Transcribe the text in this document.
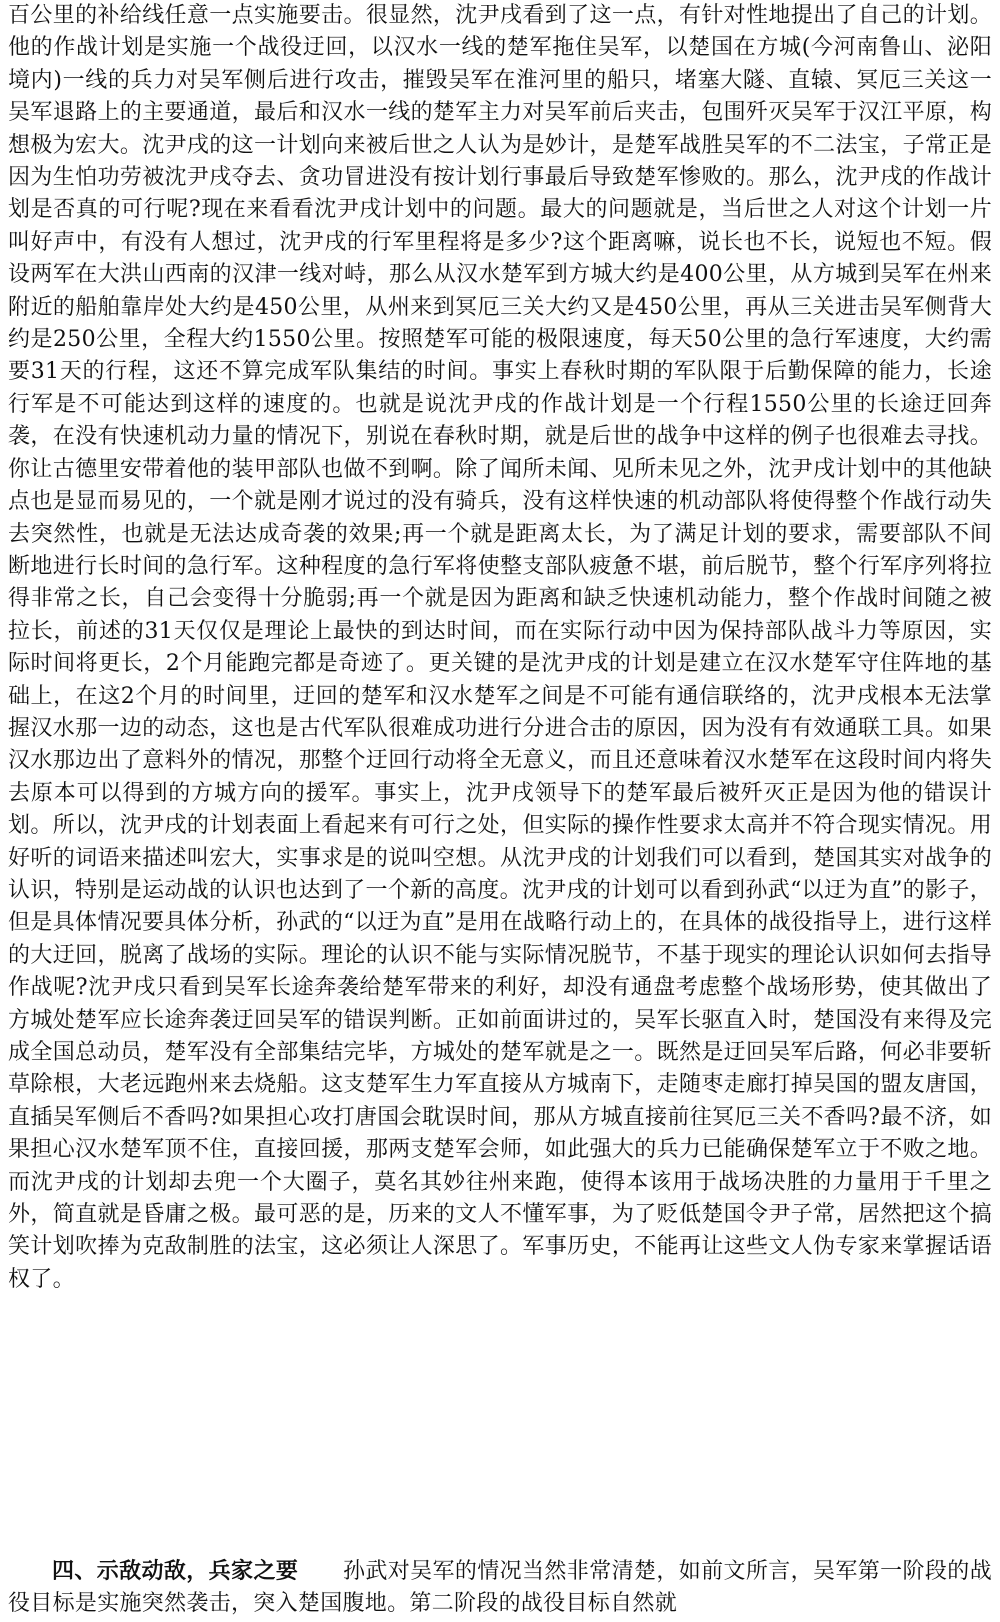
百公里的补给线任意一点实施要击。很显然，沈尹戌看到了这一点，有针对性地提出了自己的计划。他的作战计划是实施一个战役迂回，以汉水一线的楚军拖住吴军，以楚国在方城(今河南鲁山、泌阳境内)一线的兵力对吴军侧后进行攻击，摧毁吴军在淮河里的船只，堵塞大隧、直辕、冥厄三关这一吴军退路上的主要通道，最后和汉水一线的楚军主力对吴军前后夹击，包围歼灭吴军于汉江平原，构想极为宏大。沈尹戌的这一计划向来被后世之人认为是妙计，是楚军战胜吴军的不二法宝，子常正是因为生怕功劳被沈尹戌夺去、贪功冒进没有按计划行事最后导致楚军惨败的。那么，沈尹戌的作战计划是否真的可行呢?现在来看看沈尹戌计划中的问题。最大的问题就是，当后世之人对这个计划一片叫好声中，有没有人想过，沈尹戌的行军里程将是多少?这个距离嘛，说长也不长，说短也不短。假设两军在大洪山西南的汉津一线对峙，那么从汉水楚军到方城大约是400公里，从方城到吴军在州来附近的船舶靠岸处大约是450公里，从州来到冥厄三关大约又是450公里，再从三关进击吴军侧背大约是250公里，全程大约1550公里。按照楚军可能的极限速度，每天50公里的急行军速度，大约需要31天的行程，这还不算完成军队集结的时间。事实上春秋时期的军队限于后勤保障的能力，长途行军是不可能达到这样的速度的。也就是说沈尹戌的作战计划是一个行程1550公里的长途迂回奔袭，在没有快速机动力量的情况下，别说在春秋时期，就是后世的战争中这样的例子也很难去寻找。你让古德里安带着他的装甲部队也做不到啊。除了闻所未闻、见所未见之外，沈尹戌计划中的其他缺点也是显而易见的，一个就是刚才说过的没有骑兵，没有这样快速的机动部队将使得整个作战行动失去突然性，也就是无法达成奇袭的效果;再一个就是距离太长，为了满足计划的要求，需要部队不间断地进行长时间的急行军。这种程度的急行军将使整支部队疲惫不堪，前后脱节，整个行军序列将拉得非常之长，自己会变得十分脆弱;再一个就是因为距离和缺乏快速机动能力，整个作战时间随之被拉长，前述的31天仅仅是理论上最快的到达时间，而在实际行动中因为保持部队战斗力等原因，实际时间将更长，2个月能跑完都是奇迹了。更关键的是沈尹戌的计划是建立在汉水楚军守住阵地的基础上，在这2个月的时间里，迂回的楚军和汉水楚军之间是不可能有通信联络的，沈尹戌根本无法掌握汉水那一边的动态，这也是古代军队很难成功进行分进合击的原因，因为没有有效通联工具。如果汉水那边出了意料外的情况，那整个迂回行动将全无意义，而且还意味着汉水楚军在这段时间内将失去原本可以得到的方城方向的援军。事实上，沈尹戌领导下的楚军最后被歼灭正是因为他的错误计划。所以，沈尹戌的计划表面上看起来有可行之处，但实际的操作性要求太高并不符合现实情况。用好听的词语来描述叫宏大，实事求是的说叫空想。从沈尹戌的计划我们可以看到，楚国其实对战争的认识，特别是运动战的认识也达到了一个新的高度。沈尹戌的计划可以看到孙武“以迂为直”的影子，但是具体情况要具体分析，孙武的“以迂为直”是用在战略行动上的，在具体的战役指导上，进行这样的大迂回，脱离了战场的实际。理论的认识不能与实际情况脱节，不基于现实的理论认识如何去指导作战呢?沈尹戌只看到吴军长途奔袭给楚军带来的利好，却没有通盘考虑整个战场形势，使其做出了方城处楚军应长途奔袭迂回吴军的错误判断。正如前面讲过的，吴军长驱直入时，楚国没有来得及完成全国总动员，楚军没有全部集结完毕，方城处的楚军就是之一。既然是迂回吴军后路，何必非要斩草除根，大老远跑州来去烧船。这支楚军生力军直接从方城南下，走随枣走廊打掉吴国的盟友唐国，直插吴军侧后不香吗?如果担心攻打唐国会耽误时间，那从方城直接前往冥厄三关不香吗?最不济，如果担心汉水楚军顶不住，直接回援，那两支楚军会师，如此强大的兵力已能确保楚军立于不败之地。而沈尹戌的计划却去兜一个大圈子，莫名其妙往州来跑，使得本该用于战场决胜的力量用于千里之外，简直就是昏庸之极。最可恶的是，历来的文人不懂军事，为了贬低楚国令尹子常，居然把这个搞笑计划吹捧为克敌制胜的法宝，这必须让人深思了。军事历史，不能再让这些文人伪专家来掌握话语权了。

四、示敌动敌，兵家之要　　 孙武对吴军的情况当然非常清楚，如前文所言，吴军第一阶段的战役目标是实施突然袭击，突入楚国腹地。第二阶段的战役目标自然就
